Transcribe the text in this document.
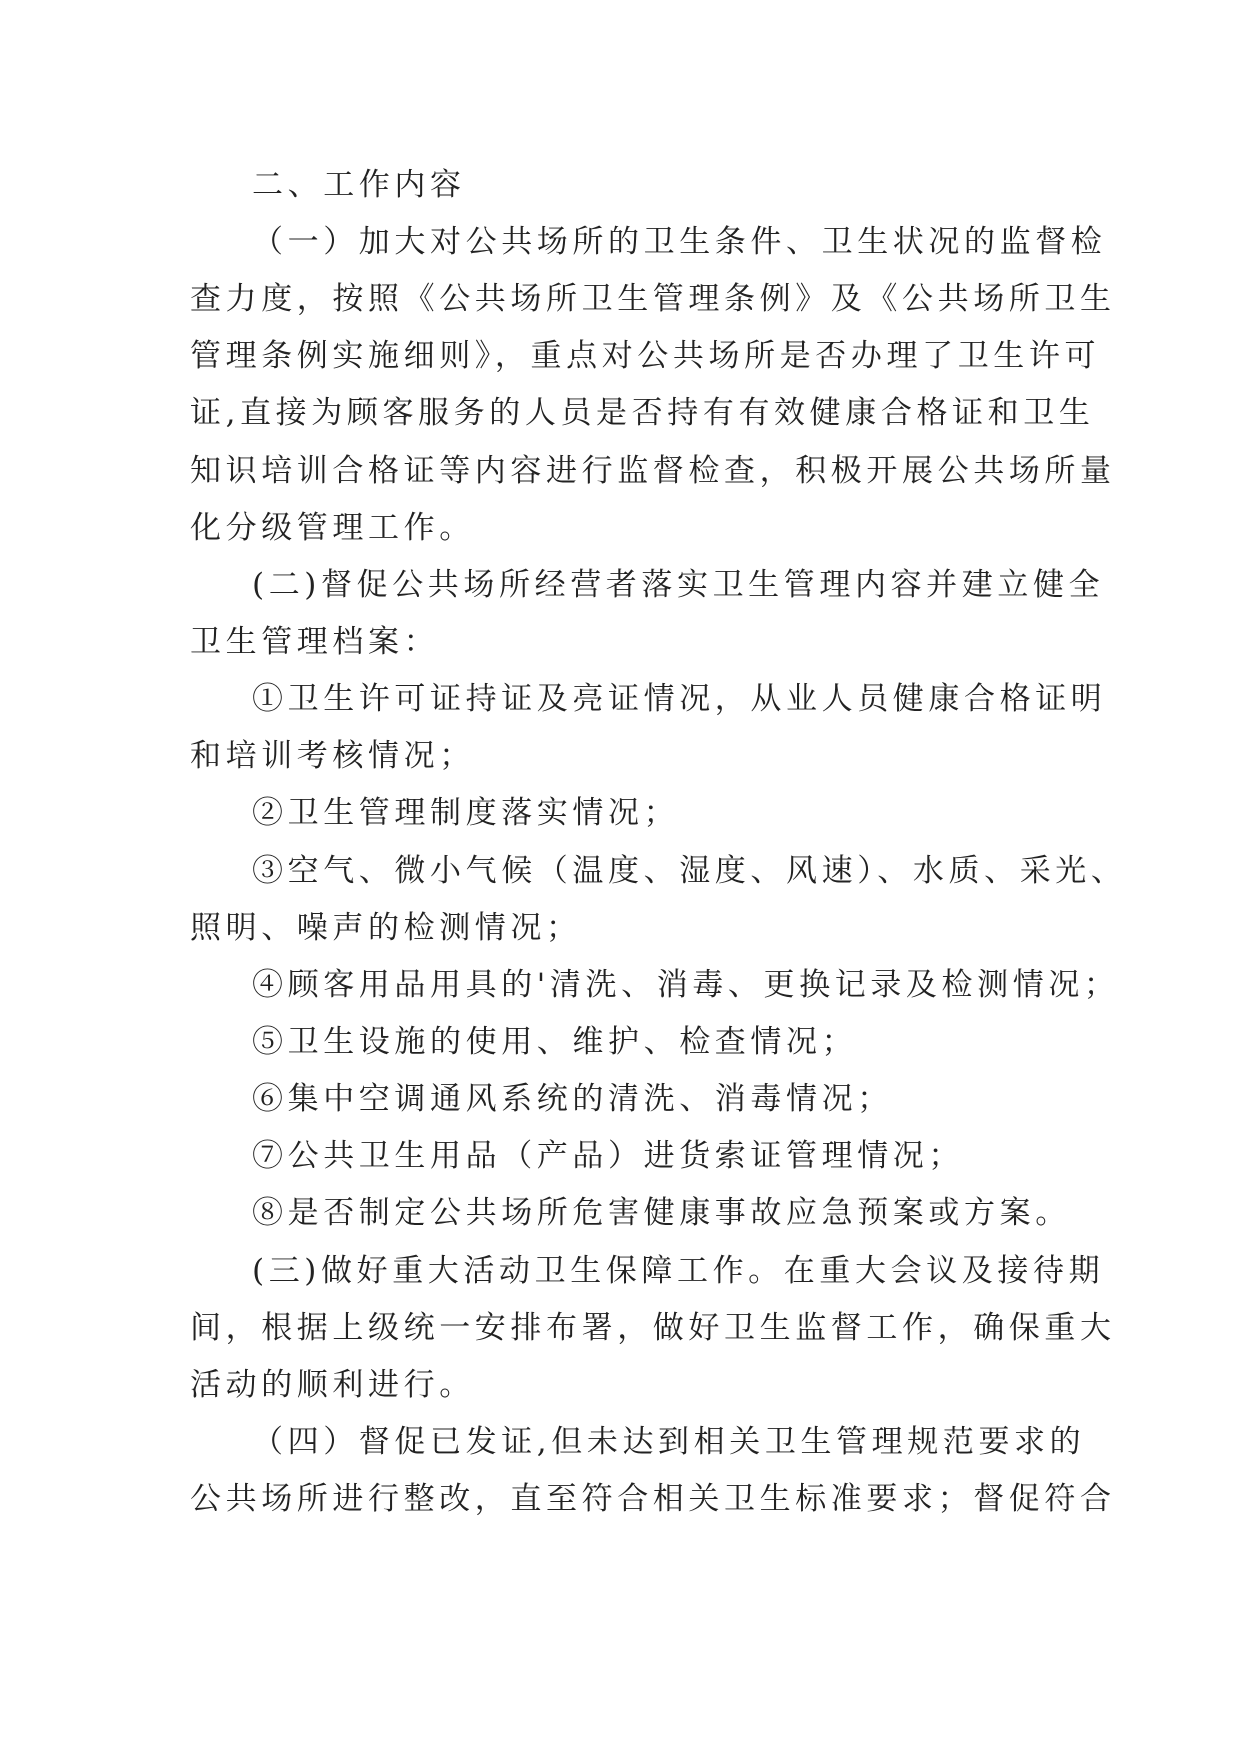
二、工作内容
（一）加大对公共场所的卫生条件、卫生状况的监督检
查力度，按照《公共场所卫生管理条例》及《公共场所卫生
管理条例实施细则》，重点对公共场所是否办理了卫生许可
证,直接为顾客服务的人员是否持有有效健康合格证和卫生
知识培训合格证等内容进行监督检查，积极开展公共场所量
化分级管理工作。
(二)督促公共场所经营者落实卫生管理内容并建立健全
卫生管理档案：
①卫生许可证持证及亮证情况，从业人员健康合格证明
和培训考核情况；
②卫生管理制度落实情况；
③空气、微小气候（温度、湿度、风速）、水质、采光、
照明、噪声的检测情况；
④顾客用品用具的'清洗、消毒、更换记录及检测情况；
⑤卫生设施的使用、维护、检查情况；
⑥集中空调通风系统的清洗、消毒情况；
⑦公共卫生用品（产品）进货索证管理情况；
⑧是否制定公共场所危害健康事故应急预案或方案。
(三)做好重大活动卫生保障工作。在重大会议及接待期
间，根据上级统一安排布署，做好卫生监督工作，确保重大
活动的顺利进行。
（四）督促已发证,但未达到相关卫生管理规范要求的
公共场所进行整改，直至符合相关卫生标准要求；督促符合
